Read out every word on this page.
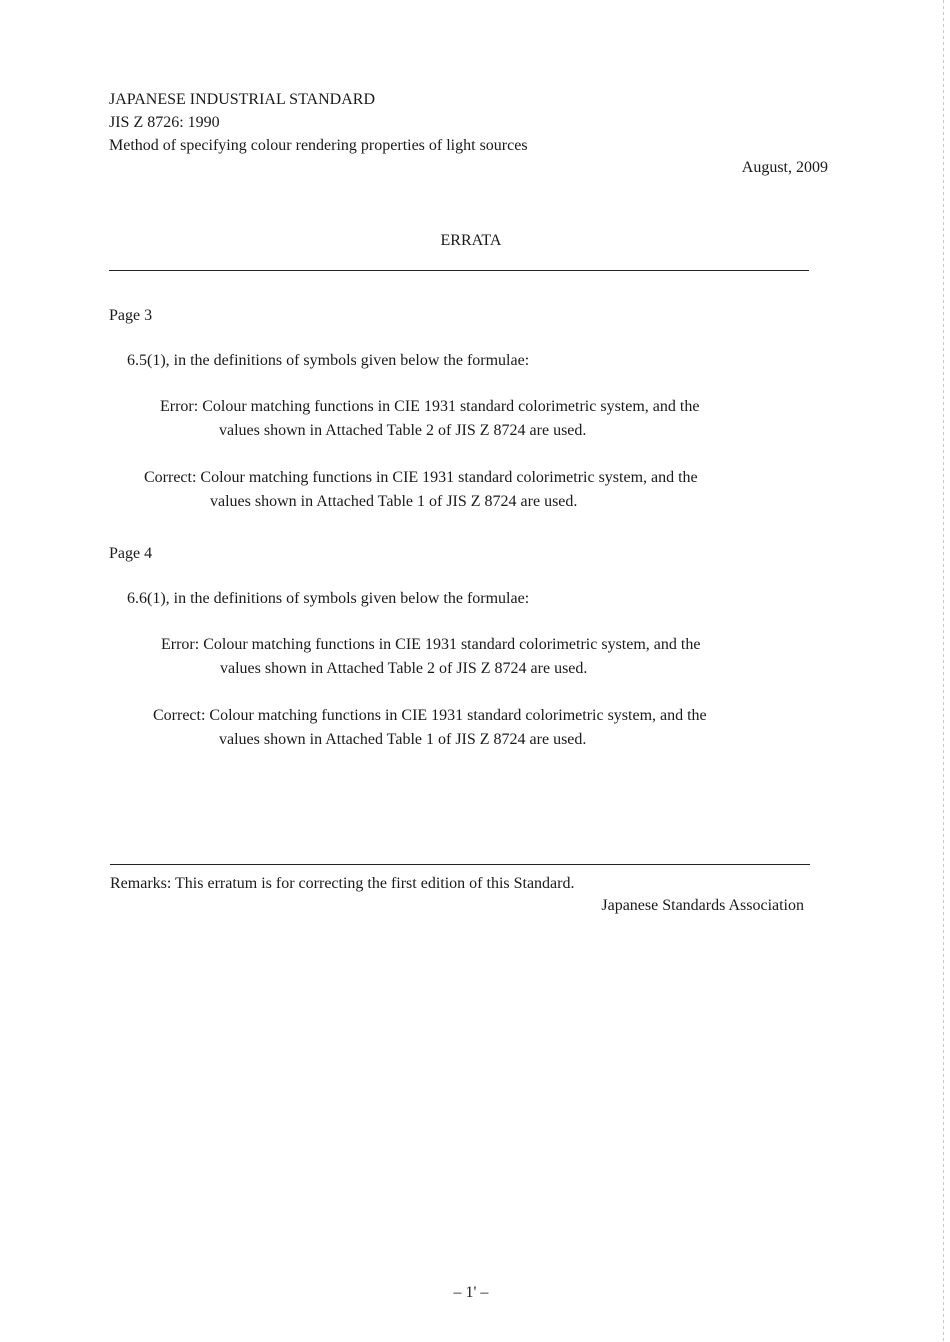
JAPANESE INDUSTRIAL STANDARD
JIS Z 8726: 1990
Method of specifying colour rendering properties of light sources
August, 2009
ERRATA
Page 3
6.5(1), in the definitions of symbols given below the formulae:
Error: Colour matching functions in CIE 1931 standard colorimetric system, and the
values shown in Attached Table 2 of JIS Z 8724 are used.
Correct: Colour matching functions in CIE 1931 standard colorimetric system, and the
values shown in Attached Table 1 of JIS Z 8724 are used.
Page 4
6.6(1), in the definitions of symbols given below the formulae:
Error: Colour matching functions in CIE 1931 standard colorimetric system, and the
values shown in Attached Table 2 of JIS Z 8724 are used.
Correct: Colour matching functions in CIE 1931 standard colorimetric system, and the
values shown in Attached Table 1 of JIS Z 8724 are used.
Remarks: This erratum is for correcting the first edition of this Standard.
Japanese Standards Association
– 1' –
